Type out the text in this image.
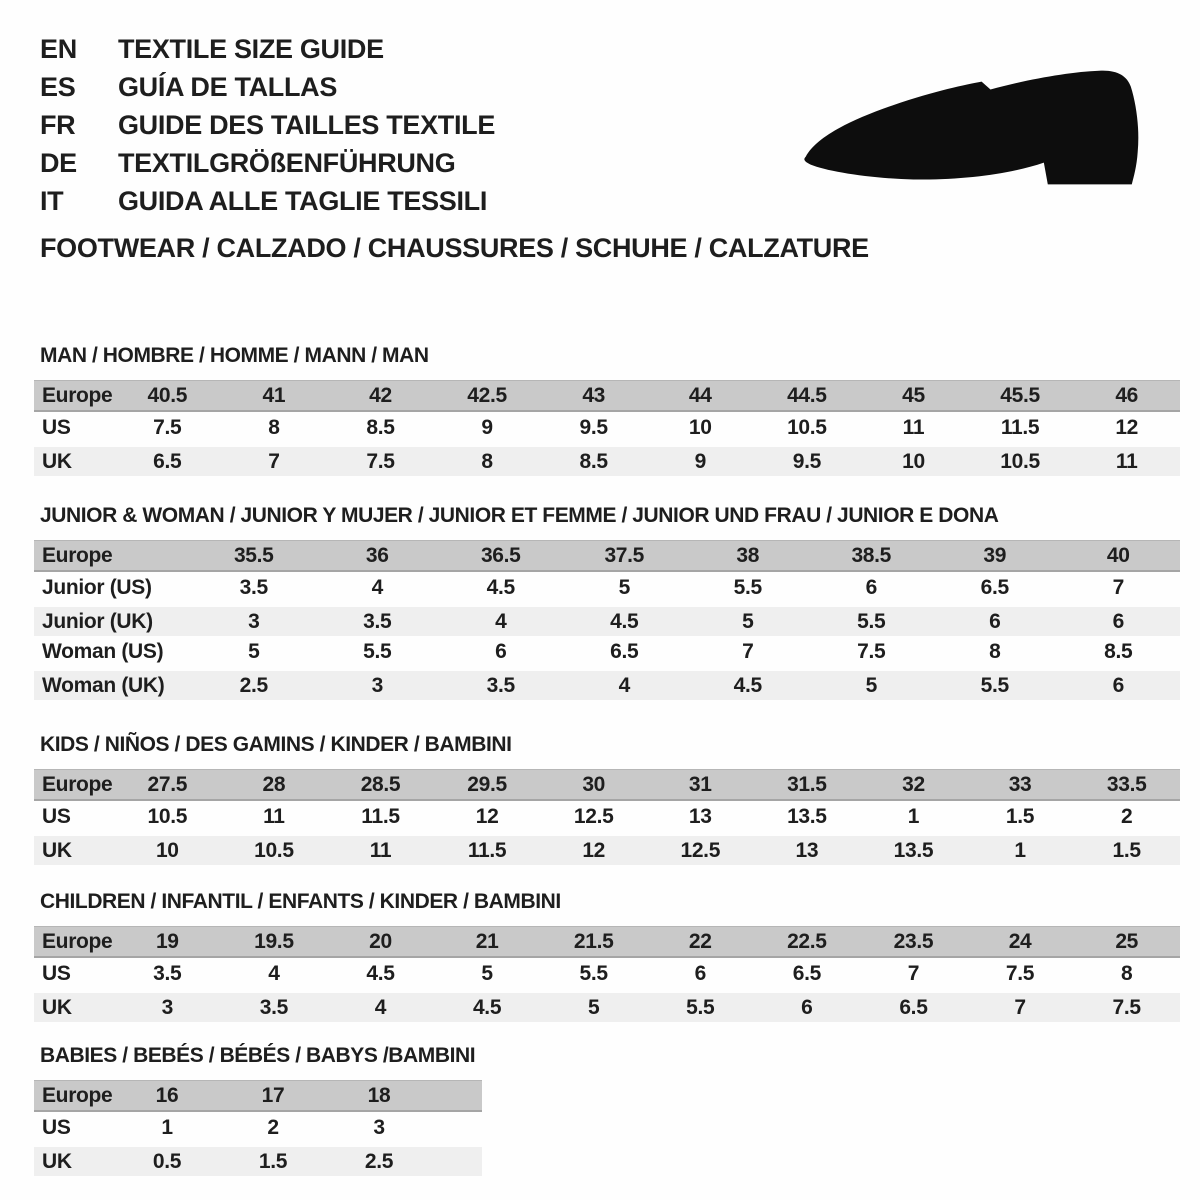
EN	TEXTILE SIZE GUIDE
ES	GUÍA DE TALLAS
FR	GUIDE DES TAILLES TEXTILE
DE	TEXTILGRÖßENFÜHRUNG
IT	GUIDA ALLE TAGLIE TESSILI
FOOTWEAR / CALZADO / CHAUSSURES / SCHUHE / CALZATURE
MAN / HOMBRE / HOMME / MANN / MAN
Europe	40.5	41	42	42.5	43	44	44.5	45	45.5	46
US	7.5	8	8.5	9	9.5	10	10.5	11	11.5	12
UK	6.5	7	7.5	8	8.5	9	9.5	10	10.5	11
JUNIOR & WOMAN / JUNIOR Y MUJER / JUNIOR ET FEMME / JUNIOR UND FRAU / JUNIOR E DONA
Europe	35.5	36	36.5	37.5	38	38.5	39	40
Junior (US)	3.5	4	4.5	5	5.5	6	6.5	7
Junior (UK)	3	3.5	4	4.5	5	5.5	6	6
Woman (US)	5	5.5	6	6.5	7	7.5	8	8.5
Woman (UK)	2.5	3	3.5	4	4.5	5	5.5	6
KIDS / NIÑOS / DES GAMINS / KINDER / BAMBINI
Europe	27.5	28	28.5	29.5	30	31	31.5	32	33	33.5
US	10.5	11	11.5	12	12.5	13	13.5	1	1.5	2
UK	10	10.5	11	11.5	12	12.5	13	13.5	1	1.5
CHILDREN / INFANTIL / ENFANTS / KINDER / BAMBINI
Europe	19	19.5	20	21	21.5	22	22.5	23.5	24	25
US	3.5	4	4.5	5	5.5	6	6.5	7	7.5	8
UK	3	3.5	4	4.5	5	5.5	6	6.5	7	7.5
BABIES / BEBÉS / BÉBÉS / BABYS /BAMBINI
Europe	16	17	18	
US	1	2	3	
UK	0.5	1.5	2.5	
